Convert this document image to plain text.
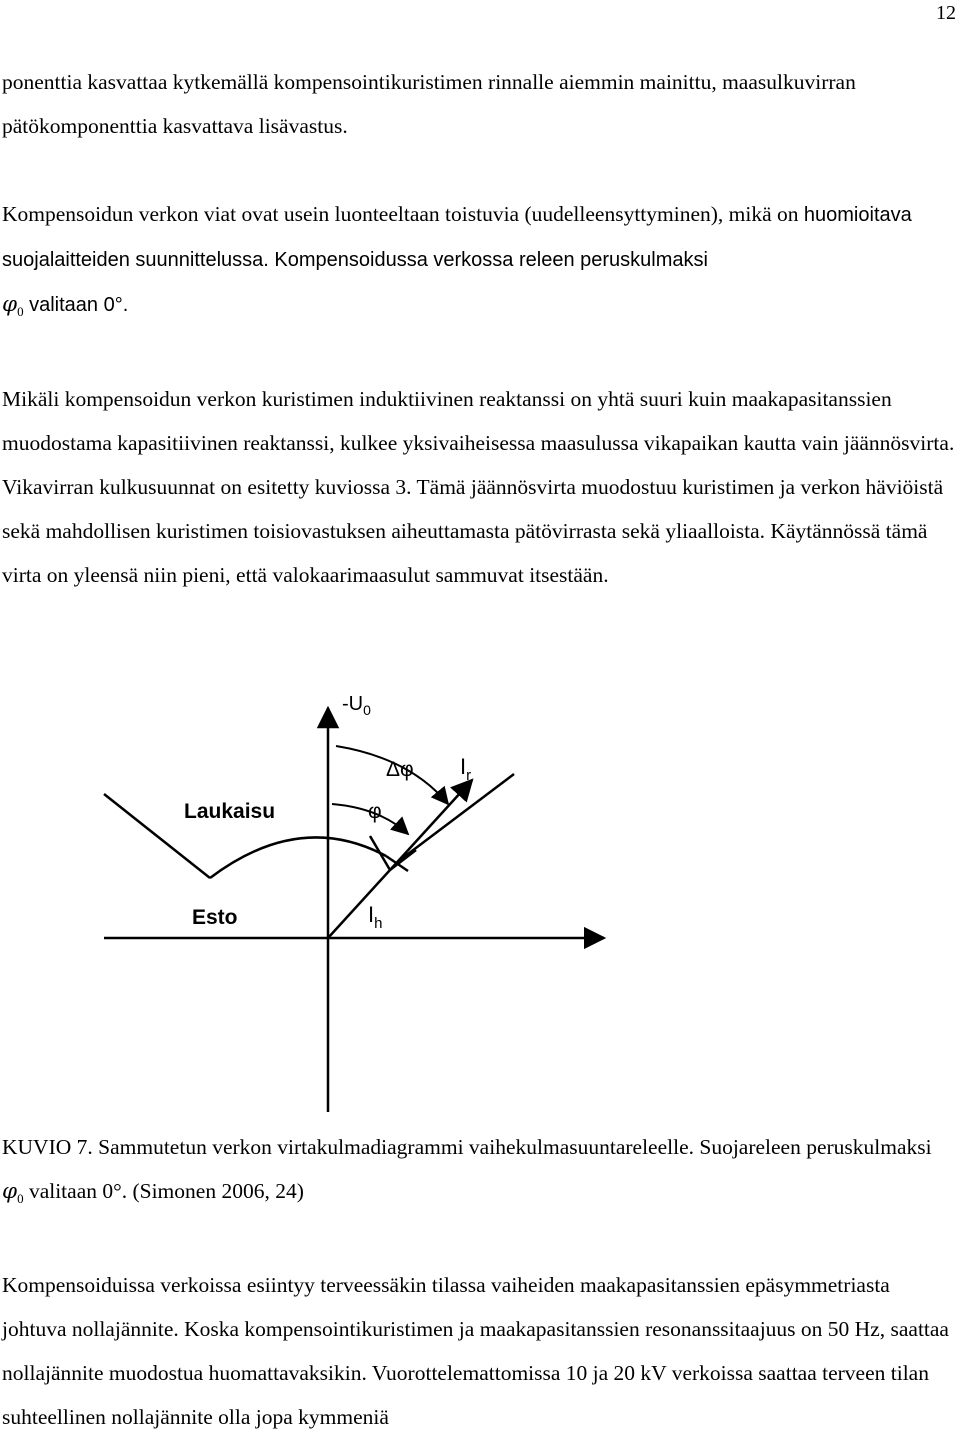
12

ponenttia kasvattaa kytkemällä kompensointikuristimen rinnalle aiemmin mainittu, maasulkuvirran pätökomponenttia kasvattava lisävastus.

Kompensoidun verkon viat ovat usein luonteeltaan toistuvia (uudelleensyttyminen), mikä on huomioitava suojalaitteiden suunnittelussa. Kompensoidussa verkossa releen peruskulmaksi
$\varphi_0$ valitaan 0°.

Mikäli kompensoidun verkon kuristimen induktiivinen reaktanssi on yhtä suuri kuin maakapasitanssien muodostama kapasitiivinen reaktanssi, kulkee yksivaiheisessa maasulussa vikapaikan kautta vain jäännösvirta. Vikavirran kulkusuunnat on esitetty kuviossa 3. Tämä jäännösvirta muodostuu kuristimen ja verkon häviöistä sekä mahdollisen kuristimen toisiovastuksen aiheuttamasta pätövirrasta sekä yliaalloista. Käytännössä tämä virta on yleensä niin pieni, että valokaarimaasulut sammuvat itsestään.

$-U_0$
Δφ $I_r$
φ
Laukaisu
Esto	$I_h$

KUVIO 7. Sammutetun verkon virtakulmadiagrammi vaihekulmasuuntareleelle. Suojareleen peruskulmaksi $\varphi_0$ valitaan 0°. (Simonen 2006, 24)

Kompensoiduissa verkoissa esiintyy terveessäkin tilassa vaiheiden maakapasitanssien epäsymmetriasta johtuva nollajännite. Koska kompensointikuristimen ja maakapasitanssien resonanssitaajuus on 50 Hz, saattaa nollajännite muodostua huomattavaksikin. Vuorottelemattomissa 10 ja 20 kV verkoissa saattaa terveen tilan suhteellinen nollajännite olla jopa kymmeniä
